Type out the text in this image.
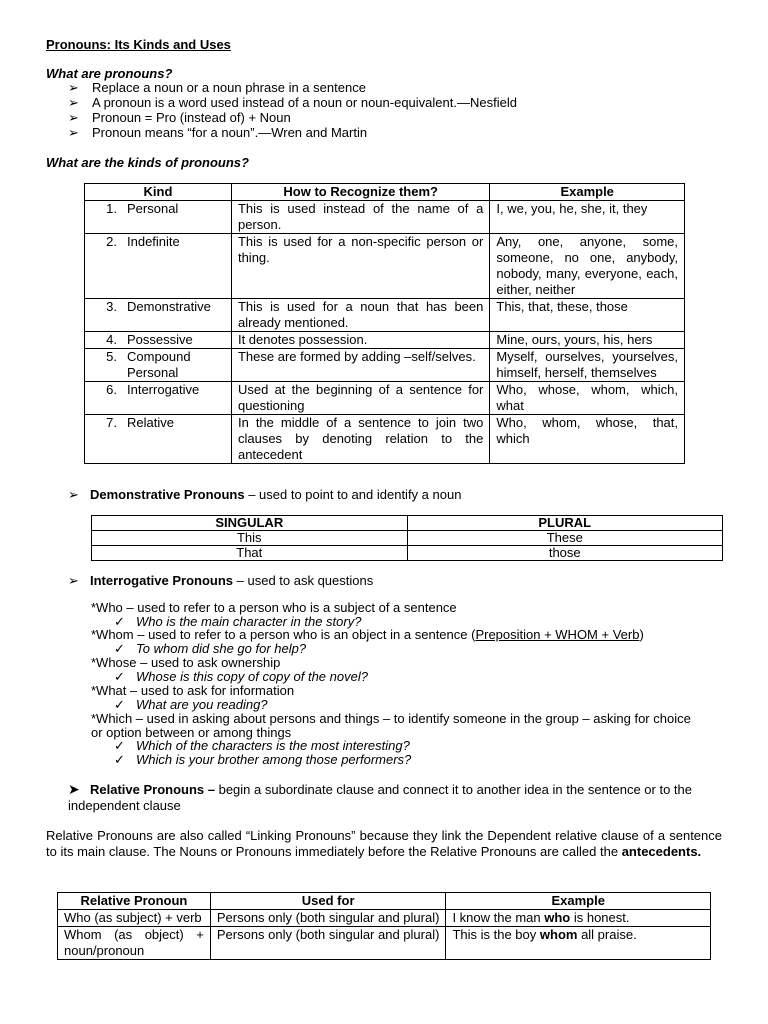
Pronouns: Its Kinds and Uses
What are pronouns?
➢ Replace a noun or a noun phrase in a sentence
➢ A pronoun is a word used instead of a noun or noun-equivalent.—Nesfield
➢ Pronoun = Pro (instead of) + Noun
➢ Pronoun means “for a noun”.—Wren and Martin
What are the kinds of pronouns?
Kind	How to Recognize them?	Example

1. Personal	This is used instead of the name of a person.	I, we, you, he, she, it, they

2. Indefinite	This is used for a non-specific person or thing.	Any, one, anyone, some, someone, no one, anybody, nobody, many, everyone, each, either, neither

3. Demonstrative	This is used for a noun that has been already mentioned.	This, that, these, those

4. Possessive	It denotes possession.	Mine, ours, yours, his, hers

5. Compound Personal	These are formed by adding –self/selves.	Myself, ourselves, yourselves, himself, herself, themselves

6. Interrogative	Used at the beginning of a sentence for questioning	Who, whose, whom, which, what

7. Relative	In the middle of a sentence to join two clauses by denoting relation to the antecedent	Who, whom, whose, that, which
➢ Demonstrative Pronouns – used to point to and identify a noun
SINGULAR	PLURAL
This	These
That	those
➢ Interrogative Pronouns – used to ask questions
*Who – used to refer to a person who is a subject of a sentence
✓ Who is the main character in the story?
*Whom – used to refer to a person who is an object in a sentence (Preposition + WHOM + Verb)
✓ To whom did she go for help?
*Whose – used to ask ownership
✓ Whose is this copy of copy of the novel?
*What – used to ask for information
✓ What are you reading?
*Which – used in asking about persons and things – to identify someone in the group – asking for choice or option between or among things
✓ Which of the characters is the most interesting?
✓ Which is your brother among those performers?
➤ Relative Pronouns – begin a subordinate clause and connect it to another idea in the sentence or to the independent clause

Relative Pronouns are also called “Linking Pronouns” because they link the Dependent relative clause of a sentence to its main clause. The Nouns or Pronouns immediately before the Relative Pronouns are called the antecedents.

Relative Pronoun	Used for	Example
Who (as subject) + verb	Persons only (both singular and plural)	I know the man who is honest.
Whom (as object) + noun/pronoun	Persons only (both singular and plural)	This is the boy whom all praise.
